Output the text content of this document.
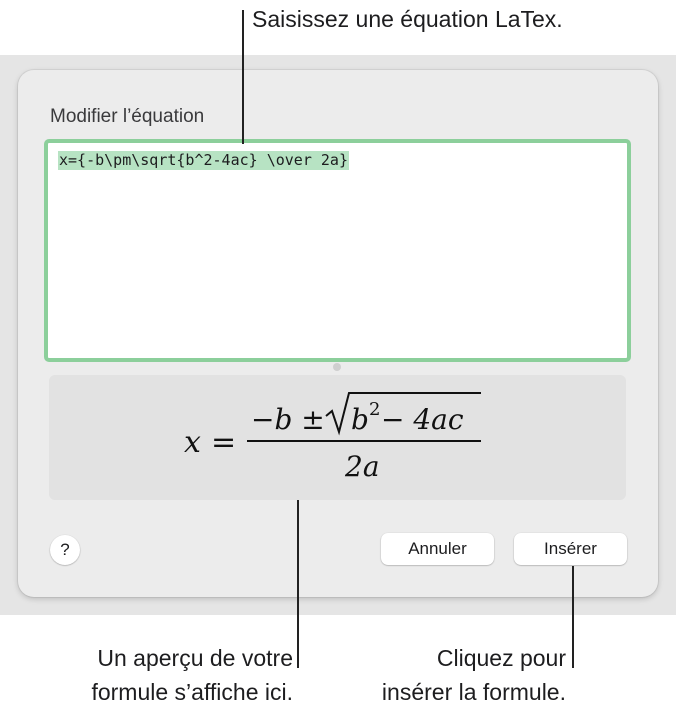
Modifier l’équation
x={-b\pm\sqrt{b^2-4ac} \over 2a}
x =
−b ± b 2 − 4ac
2a
?	Annuler	Insérer
Saisissez une équation LaTex.
Un aperçu de votre
formule s’affiche ici.
Cliquez pour
insérer la formule.
